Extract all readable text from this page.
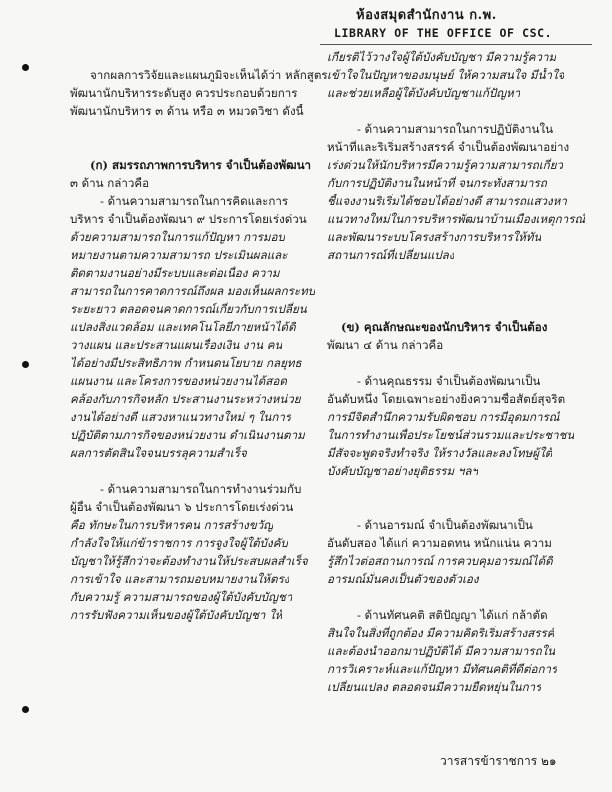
ห้องสมุดสำนักงาน ก.พ.
LIBRARY OF THE OFFICE OF CSC.
จากผลการวิจัยและแผนภูมิจะเห็นได้ว่า หลักสูตร
พัฒนานักบริหารระดับสูง ควรประกอบด้วยการ
พัฒนานักบริหาร ๓ ด้าน หรือ ๓ หมวดวิชา ดังนี้
(ก) สมรรถภาพการบริหาร จำเป็นต้องพัฒนา
๓ ด้าน กล่าวคือ
- ด้านความสามารถในการคิดและการ
บริหาร จำเป็นต้องพัฒนา ๙ ประการโดยเร่งด่วน
ด้วยความสามารถในการแก้ปัญหา การมอบ
หมายงานตามความสามารถ ประเมินผลและ
ติดตามงานอย่างมีระบบและต่อเนื่อง ความ
สามารถในการคาดการณ์ถึงผล มองเห็นผลกระทบ
ระยะยาว ตลอดจนคาดการณ์เกี่ยวกับการเปลี่ยน
แปลงสิ่งแวดล้อม และเทคโนโลยีภายหน้าได้ดี
วางแผน และประสานแผนเรื่องเงิน งาน คน
ได้อย่างมีประสิทธิภาพ กำหนดนโยบาย กลยุทธ
แผนงาน และโครงการของหน่วยงานได้สอด
คล้องกับภารกิจหลัก ประสานงานระหว่างหน่วย
งานได้อย่างดี แสวงหาแนวทางใหม่ ๆ ในการ
ปฏิบัติตามภารกิจของหน่วยงาน ดำเนินงานตาม
ผลการตัดสินใจจนบรรลุความสำเร็จ
- ด้านความสามารถในการทำงานร่วมกับ
ผู้อื่น จำเป็นต้องพัฒนา ๖ ประการโดยเร่งด่วน
คือ ทักษะในการบริหารคน การสร้างขวัญ
กำลังใจให้แก่ข้าราชการ การจูงใจผู้ใต้บังคับ
บัญชาให้รู้สึกว่าจะต้องทำงานให้ประสบผลสำเร็จ
การเข้าใจ และสามารถมอบหมายงานให้ตรง
กับความรู้ ความสามารถของผู้ใต้บังคับบัญชา
การรับฟังความเห็นของผู้ใต้บังคับบัญชา ให้
เกียรติไว้วางใจผู้ใต้บังคับบัญชา มีความรู้ความ
เข้าใจในปัญหาของมนุษย์ ให้ความสนใจ มีน้ำใจ
และช่วยเหลือผู้ใต้บังคับบัญชาแก้ปัญหา
- ด้านความสามารถในการปฏิบัติงานใน
หน้าที่และริเริ่มสร้างสรรค์ จำเป็นต้องพัฒนาอย่าง
เร่งด่วนให้นักบริหารมีความรู้ความสามารถเกี่ยว
กับการปฏิบัติงานในหน้าที่ จนกระทั่งสามารถ
ชี้แจงงานริเริ่มได้ชอบได้อย่างดี สามารถแสวงหา
แนวทางใหม่ในการบริหารพัฒนาบ้านเมืองเหตุการณ์
และพัฒนาระบบโครงสร้างการบริหารให้ทัน
สถานการณ์ที่เปลี่ยนแปลง
(ข) คุณลักษณะของนักบริหาร จำเป็นต้อง
พัฒนา ๔ ด้าน กล่าวคือ
- ด้านคุณธรรม จำเป็นต้องพัฒนาเป็น
อันดับหนึ่ง โดยเฉพาะอย่างยิ่งความซื่อสัตย์สุจริต
การมีจิตสำนึกความรับผิดชอบ การมีอุดมการณ์
ในการทำงานเพื่อประโยชน์ส่วนรวมและประชาชน
มีสัจจะพูดจริงทำจริง ให้รางวัลและลงโทษผู้ใต้
บังคับบัญชาอย่างยุติธรรม ฯลฯ
- ด้านอารมณ์ จำเป็นต้องพัฒนาเป็น
อันดับสอง ได้แก่ ความอดทน หนักแน่น ความ
รู้สึกไวต่อสถานการณ์ การควบคุมอารมณ์ได้ดี
อารมณ์มั่นคงเป็นตัวของตัวเอง
- ด้านทัศนคติ สติปัญญา ได้แก่ กล้าตัด
สินใจในสิ่งที่ถูกต้อง มีความคิดริเริ่มสร้างสรรค์
และต้องนำออกมาปฏิบัติได้ มีความสามารถใน
การวิเคราะห์และแก้ปัญหา มีทัศนคติที่ดีต่อการ
เปลี่ยนแปลง ตลอดจนมีความยืดหยุ่นในการ
วารสารข้าราชการ ๒๑
